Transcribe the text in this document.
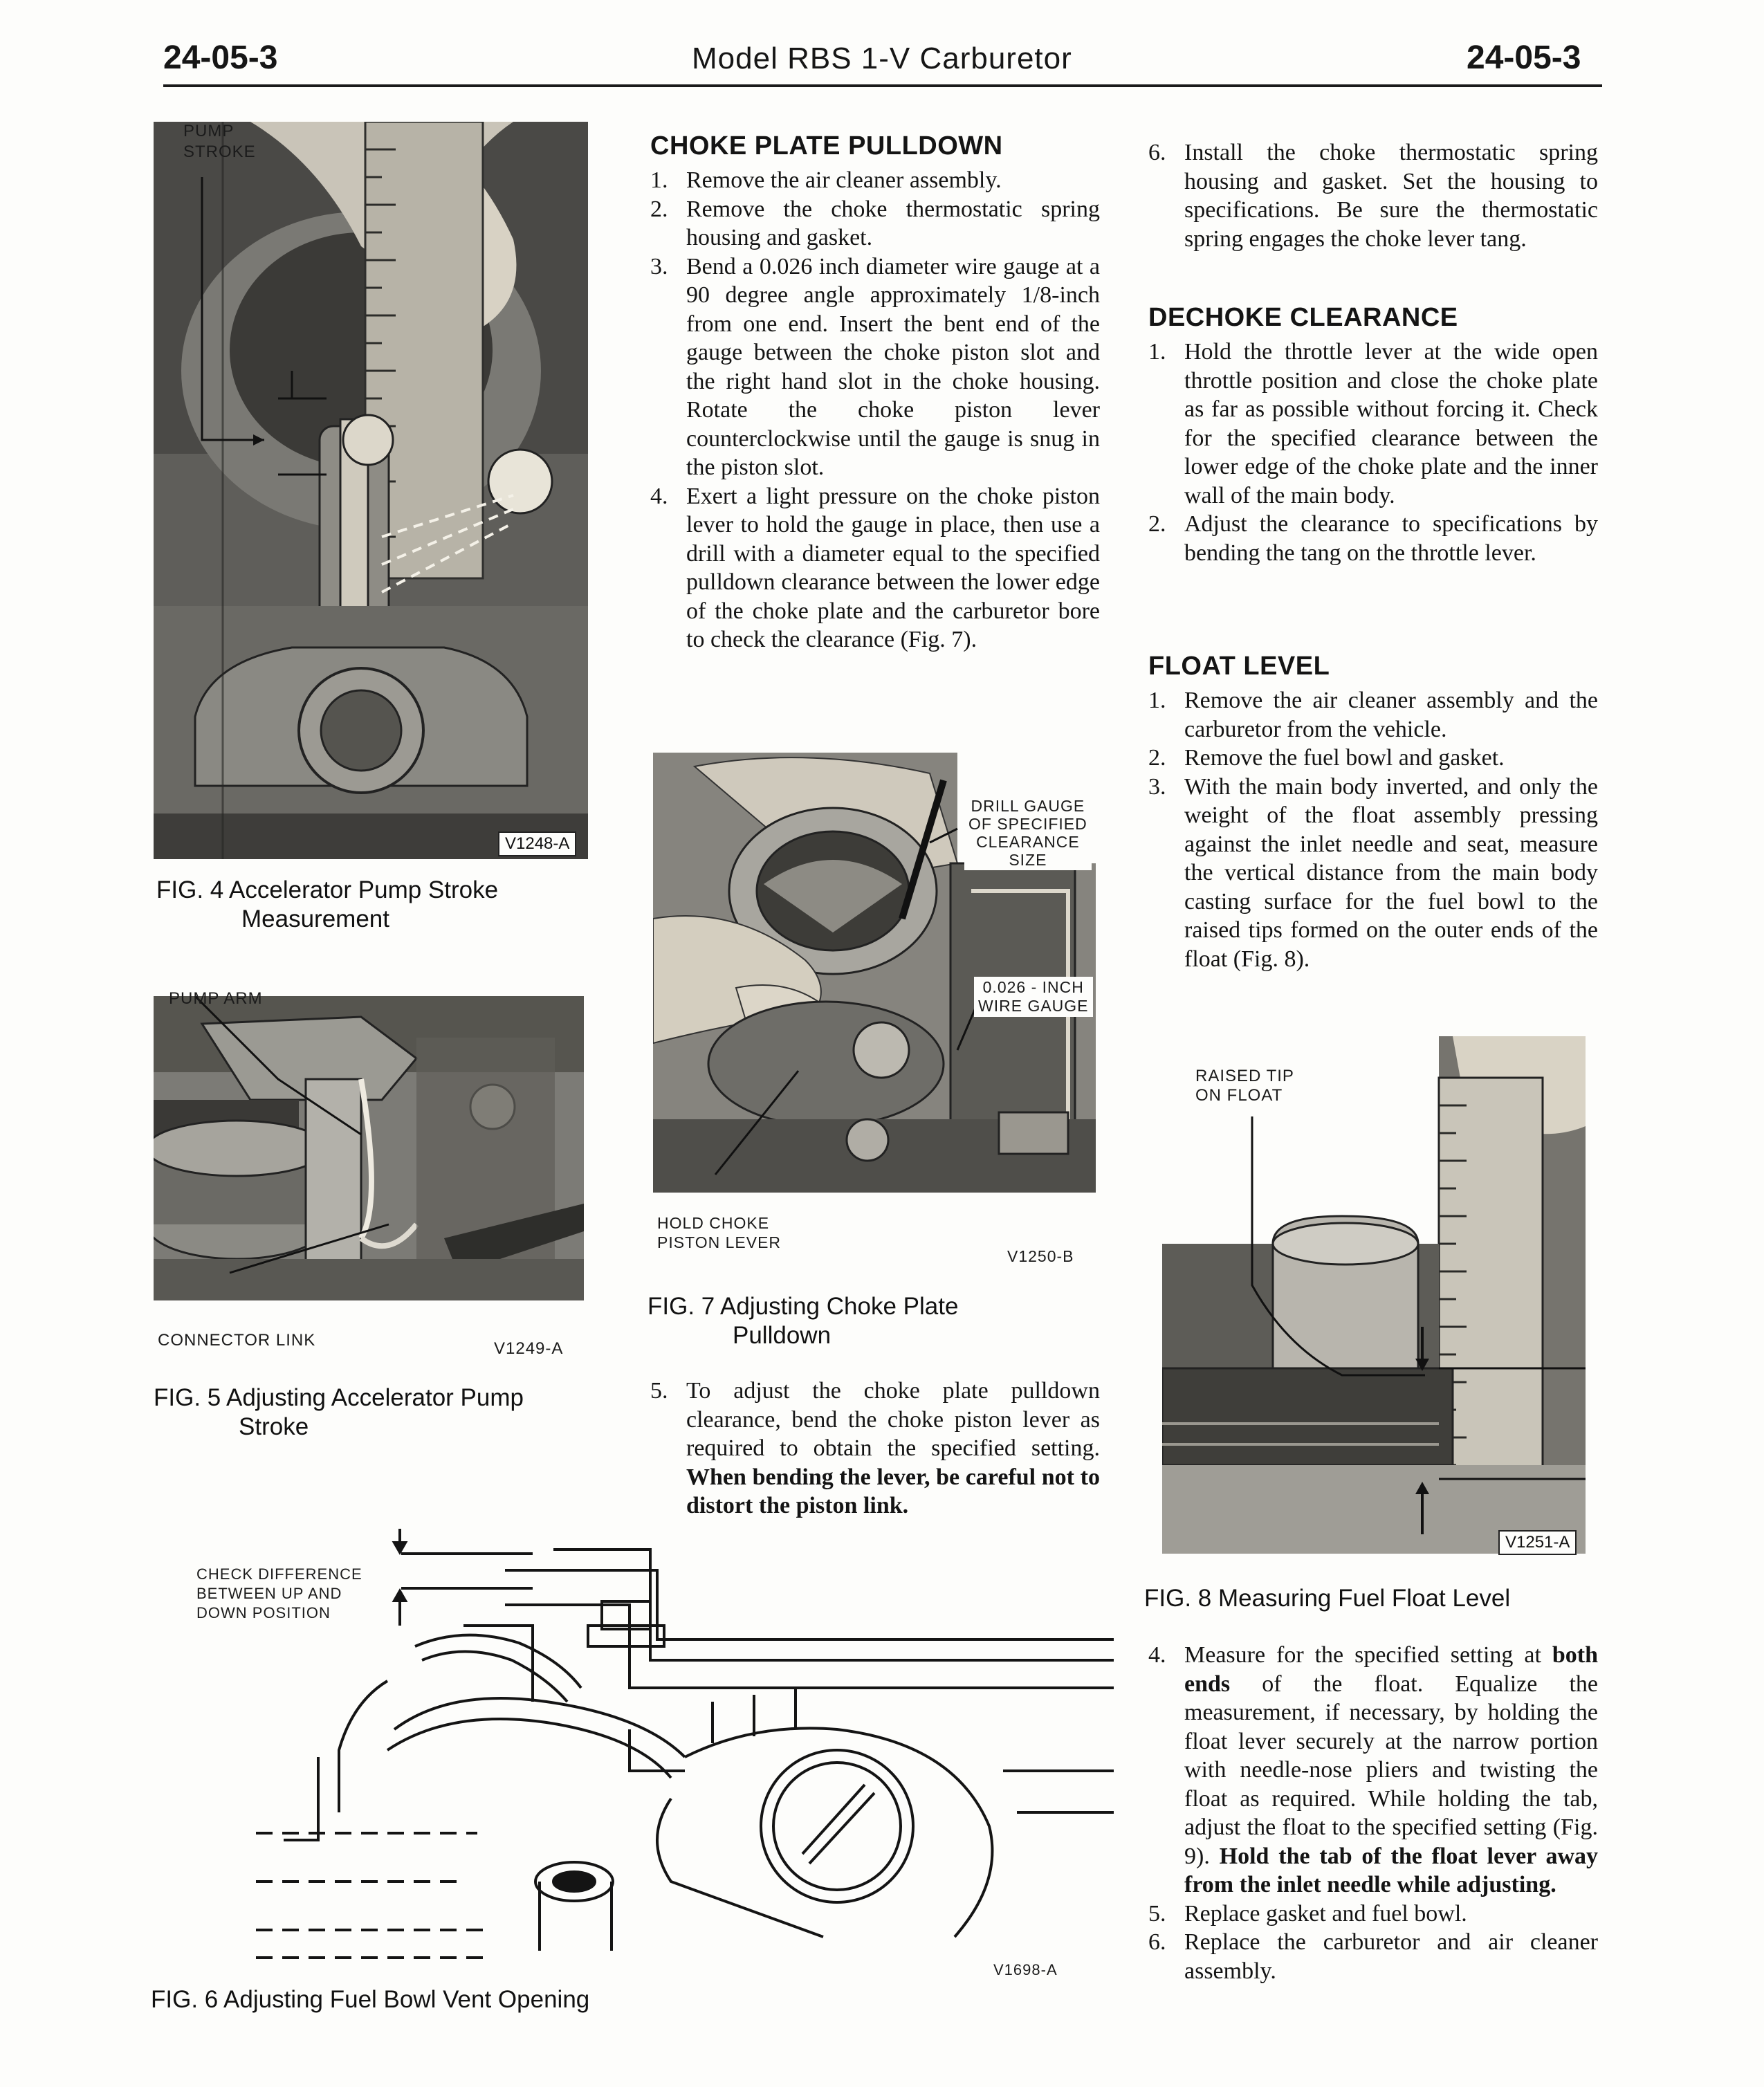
24-05-3	Model RBS 1-V Carburetor	24-05-3
PUMP
STROKE
V1248-A
FIG. 4 Accelerator Pump Stroke
Measurement
PUMP ARM
CONNECTOR LINK	V1249-A
FIG. 5 Adjusting Accelerator Pump
Stroke
CHECK DIFFERENCE
BETWEEN UP AND
DOWN POSITION
V1698-A
FIG. 6 Adjusting Fuel Bowl Vent Opening
CHOKE PLATE PULLDOWN
1. Remove the air cleaner assembly.
2. Remove the choke thermostatic spring housing and gasket.
3. Bend a 0.026 inch diameter wire gauge at a 90 degree angle approximately 1/8-inch from one end. Insert the bent end of the gauge between the choke piston slot and the right hand slot in the choke housing. Rotate the choke piston lever counterclockwise until the gauge is snug in the piston slot.
4. Exert a light pressure on the choke piston lever to hold the gauge in place, then use a drill with a diameter equal to the specified pulldown clearance between the lower edge of the choke plate and the carburetor bore to check the clearance (Fig. 7).
DRILL GAUGE
OF SPECIFIED
CLEARANCE
SIZE
0.026 - INCH
WIRE GAUGE
HOLD CHOKE
PISTON LEVER
V1250-B
FIG. 7 Adjusting Choke Plate
Pulldown
5. To adjust the choke plate pulldown clearance, bend the choke piston lever as required to obtain the specified setting. When bending the lever, be careful not to distort the piston link.
6. Install the choke thermostatic spring housing and gasket. Set the housing to specifications. Be sure the thermostatic spring engages the choke lever tang.
DECHOKE CLEARANCE
1. Hold the throttle lever at the wide open throttle position and close the choke plate as far as possible without forcing it. Check for the specified clearance between the lower edge of the choke plate and the inner wall of the main body.
2. Adjust the clearance to specifications by bending the tang on the throttle lever.
FLOAT LEVEL
1. Remove the air cleaner assembly and the carburetor from the vehicle.
2. Remove the fuel bowl and gasket.
3. With the main body inverted, and only the weight of the float assembly pressing against the inlet needle and seat, measure the vertical distance from the main body casting surface for the fuel bowl to the raised tips formed on the outer ends of the float (Fig. 8).
RAISED TIP
ON FLOAT
V1251-A
FIG. 8 Measuring Fuel Float Level
4. Measure for the specified setting at both ends of the float. Equalize the measurement, if necessary, by holding the float lever securely at the narrow portion with needle-nose pliers and twisting the float as required. While holding the tab, adjust the float to the specified setting (Fig. 9). Hold the tab of the float lever away from the inlet needle while adjusting.
5. Replace gasket and fuel bowl.
6. Replace the carburetor and air cleaner assembly.
